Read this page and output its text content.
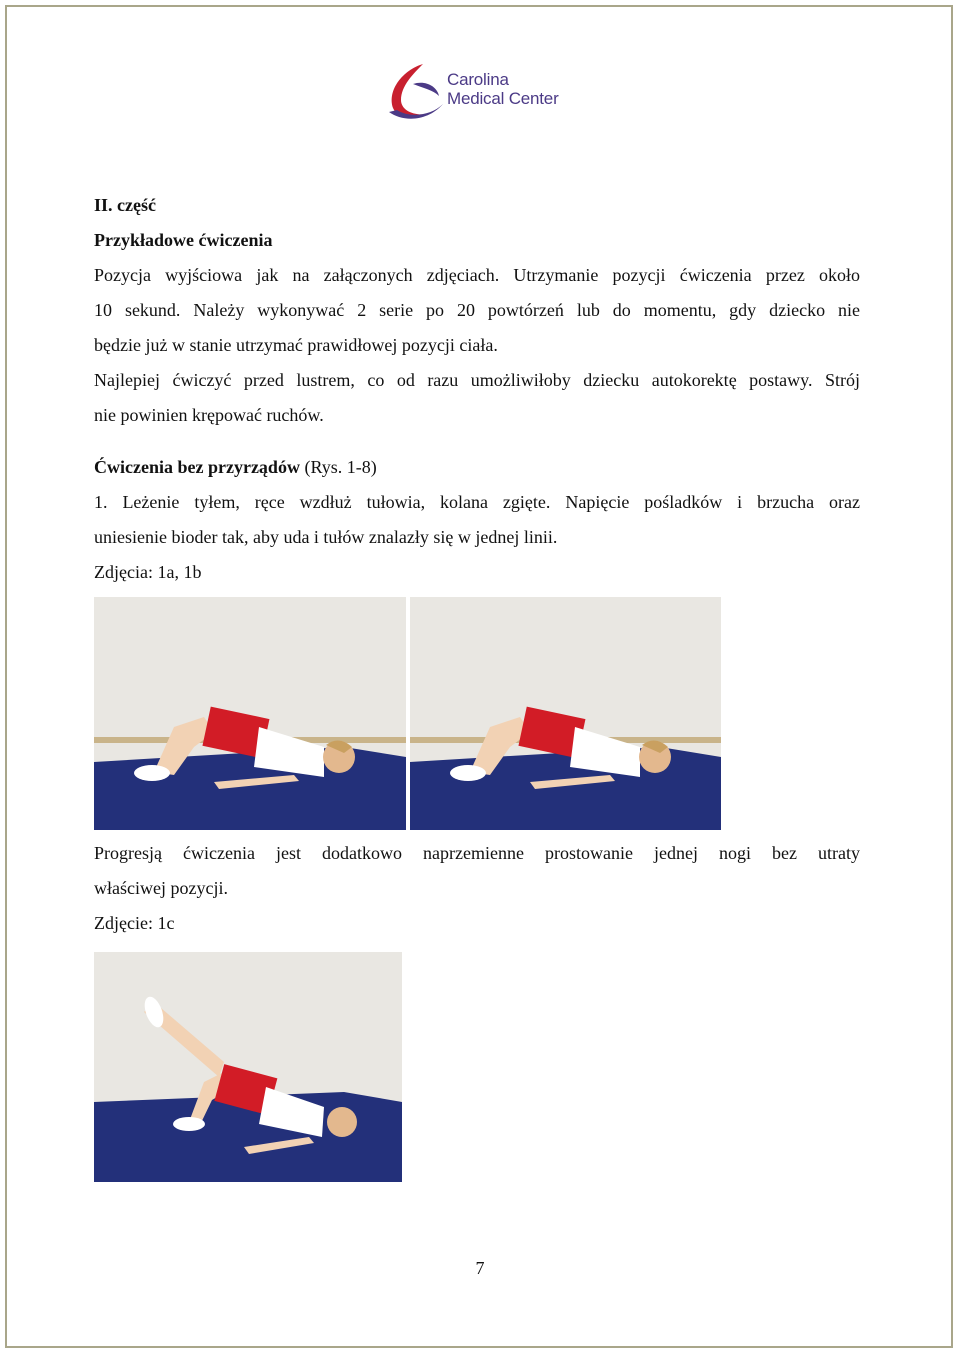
Carolina
Medical Center

II. część

Przykładowe ćwiczenia

Pozycja wyjściowa jak na załączonych zdjęciach. Utrzymanie pozycji ćwiczenia przez około

10 sekund. Należy wykonywać 2 serie po 20 powtórzeń lub do momentu, gdy dziecko nie

będzie już w stanie utrzymać prawidłowej pozycji ciała.

Najlepiej ćwiczyć przed lustrem, co od razu umożliwiłoby dziecku autokorektę postawy. Strój

nie powinien krępować ruchów.

Ćwiczenia bez przyrządów (Rys. 1-8)

1. Leżenie tyłem, ręce wzdłuż tułowia, kolana zgięte. Napięcie pośladków i brzucha oraz

uniesienie bioder tak, aby uda i tułów znalazły się w jednej linii.

Zdjęcia: 1a, 1b

Progresją ćwiczenia jest dodatkowo naprzemienne prostowanie jednej nogi bez utraty

właściwej pozycji.

Zdjęcie: 1c

7
